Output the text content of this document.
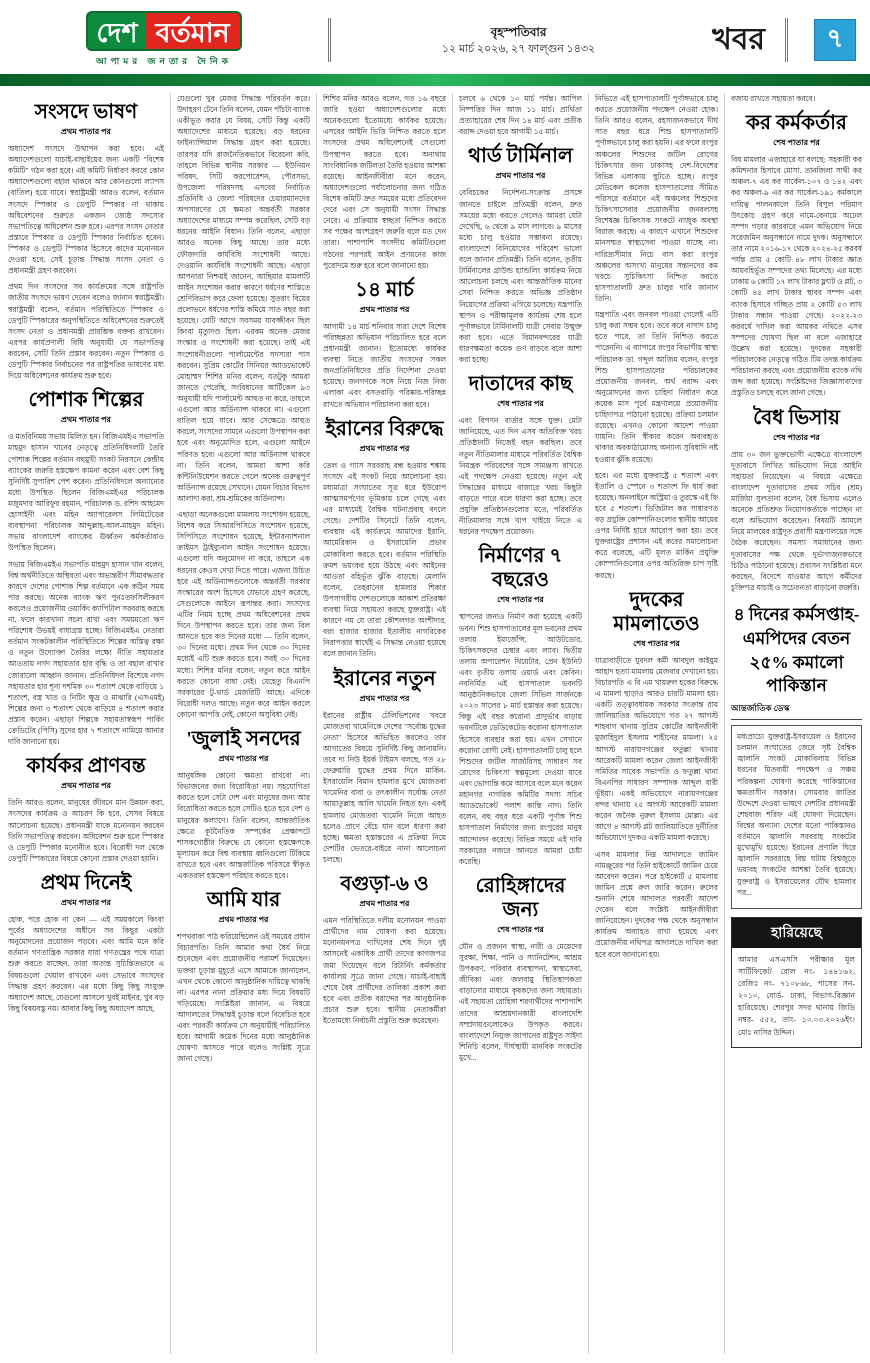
দেশ বর্তমান
আপামর জনতার দৈনিক
বৃহস্পতিবার
১২ মার্চ ২০২৬, ২৭ ফাল্গুন ১৪৩২	খবর	৭
সংসদে ভাষণ
প্রথম পাতার পর

অধ্যাদেশ সংসদে উত্থাপন করা হবে। এই অধ্যাদেশগুলো যাচাই-বাছাইয়ের জন্য একটি "বিশেষ কমিটি" গঠন করা হবে। এই কমিটি নির্ধারণ করবে কোন অধ্যাদেশগুলো বহাল থাকবে আর কোনগুলো ল্যাপস (বাতিল) হয়ে যাবে। স্বরাষ্ট্রমন্ত্রী আরও বলেন, বর্তমান সংসদে স্পিকার ও ডেপুটি স্পিকার না থাকায় অধিবেশনের শুরুতে একজন জ্যেষ্ঠ সদস্যের সভাপতিত্বে অধিবেশন শুরু হবে। এরপর সংসদ নেতার প্রস্তাবে স্পিকার ও ডেপুটি স্পিকার নির্বাচিত হবেন। স্পিকার ও ডেপুটি স্পিকার হিসেবে কাদের মনোনয়ন দেওয়া হবে, সেই চূড়ান্ত সিদ্ধান্ত সংসদ নেতা ও প্রধানমন্ত্রী গ্রহণ করবেন।

প্রথম দিন সংসদের সব কার্যক্রমের সঙ্গে রাষ্ট্রপতি জাতীয় সংসদে ভাষণ দেবেন বলেও জানান স্বরাষ্ট্রমন্ত্রী। স্বরাষ্ট্রমন্ত্রী বলেন, বর্তমান পরিস্থিতিতে স্পিকার ও ডেপুটি স্পিকারের অনুপস্থিতিতে অধিবেশনের শুরুতেই সংসদ নেতা ও প্রধানমন্ত্রী প্রারম্ভিক বক্তব্য রাখবেন। এরপর কার্যপ্রণালী বিধি অনুযায়ী যে সভাপতিত্ব করবেন, সেটি তিনি প্রস্তাব করবেন। নতুন স্পিকার ও ডেপুটি স্পিকার নির্বাচনের পর রাষ্ট্রপতির ভাষণের মধ্য দিয়ে অধিবেশনের কার্যক্রম শুরু হবে।

পোশাক শিল্পের
প্রথম পাতার পর

ও মতবিনিময় সভায় মিলিত হন। বিজিএমইএ সভাপতি মাহমুদ হাসান খানের নেতৃত্বে প্রতিনিধিদলটি তৈরি পোশাক শিল্পের বর্তমান বহুমুখী সংকট নিরসনে কেন্দ্রীয় ব্যাংকের জরুরি হস্তক্ষেপ কামনা করেন এবং বেশ কিছু সুনির্দিষ্ট সুপারিশ পেশ করেন। প্রতিনিধিদলে অন্যান্যের মধ্যে উপস্থিত ছিলেন বিজিএমইএর পরিচালক মজুমদার আরিফুর রহমান, পরিচালক ড. রশিদ আহমেদ হোসাইনী এবং মহিন অ্যাপারেলস লিমিটেডের ব্যবস্থাপনা পরিচালক আব্দুল্লাহ-আল-মাহমুদ মহিন। সভায় বাংলাদেশ ব্যাংকের ঊর্ধ্বতন কর্মকর্তারাও উপস্থিত ছিলেন।

সভায় বিজিএমইএ সভাপতি মাহমুদ হাসান খান বলেন, বিশ্ব অর্থনীতিতে অস্থিরতা এবং অভ্যন্তরীণ সীমাবদ্ধতার কারণে দেশের পোশাক শিল্প বর্তমানে এক কঠিন সময় পার করছে। অনেক ব্যাংক ঋণ পুনঃতফসিলীকরণ করলেও প্রয়োজনীয় ওয়ার্কিং ক্যাপিটাল সরবরাহ করছে না, ফলে কারখানা সচল রাখা এবং সময়মতো ঋণ পরিশোধ উভয়ই বাধাগ্রস্ত হচ্ছে। বিজিএমইএ নেতারা বর্তমান সংকটকালীন পরিস্থিতিতে শিল্পের অস্তিত্ব রক্ষা ও নতুন উদ্যোক্তা তৈরির লক্ষ্যে নীতি সহায়তার আওতায় নগদ সহায়তার হার বৃদ্ধি ও তা বহাল রাখার জোরালো আহ্বান জানান। প্রতিনিধিদল বিশেষে নগদ সহায়তার হার শূন্য দশমিক ৩০ শতাংশ থেকে বাড়িয়ে ১ শতাংশ, বস্ত্র খাত ও নিটিং ক্ষুদ্র ও মাঝারি (এসএমই) শিল্পের জন্য ৩ শতাংশ থেকে বাড়িয়ে ৪ শতাংশ করার প্রস্তাব করেন। এছাড়া শিল্পকে সহায়তাস্বরূপ পার্কিং ক্রেডিটের (পিসি) সুদের হার ৭ শতাংশে নামিয়ে আনার দাবি জানানো হয়।

কার্যকর প্রাণবন্ত
প্রথম পাতার পর

তিনি আরও বলেন, মানুষের জীবনে মান উন্নয়ন করা, সংসদের কার্যক্রম ও আচরণ কি হবে, সেসব বিষয়ে আলোচনা হয়েছে। প্রধানমন্ত্রী যাকে মনোনয়ন করবেন তিনি সভাপতিত্ব করবেন। অধিবেশন শুরু হলে স্পিকার ও ডেপুটি স্পিকার মনোনীত হবে। বিরোধী দল থেকে ডেপুটি স্পিকারের বিষয়ে কোনো প্রস্তাব দেওয়া হয়নি।

প্রথম দিনেই
প্রথম পাতার পর

হোক, পরে হোক না কেন — এই সময়কালে কিংবা পূর্বের অধ্যাদেশের অধীনে সব কিছুর একটা অনুমোদনের প্রয়োজন পড়বে। এবং আমি মনে করি বর্তমান গণতান্ত্রিক সরকার যারা গণতন্ত্রের পথে যাত্রা শুরু করতে যাচ্ছেন, তারা অত্যন্ত সুচিন্তিতভাবে এ বিষয়গুলো খেয়াল রাখবেন এবং সেভাবে সংসদের সিদ্ধান্ত গ্রহণ করবেন। এর মধ্যে কিছু কিছু সংযুক্ত অধ্যাদেশ আছে, যেগুলো আসলে খুবই মাইনর, খুব বড় কিছু বিষয়বস্তু নয়। আবার কিছু কিছু অধ্যাদেশ আছে,

যেগুলো খুব মেজর সিদ্ধান্ত পরিবর্তন করে। উদাহরণ টেনে তিনি বলেন, যেমন পাঁচটা ব্যাংক একীভূত করার যে বিষয়, সেটি কিন্তু একটি অধ্যাদেশের মাধ্যমে হয়েছে। বড় ধরনের ফাইন্যান্সিয়াল সিদ্ধান্ত গ্রহণ করা হয়েছে। তারপর যদি রাজনৈতিকভাবে বিবেচনা করি, তাহলে বিভিন্ন স্থানীয় সরকার — ইউনিয়ন পরিষদ, সিটি করপোরেশন, পৌরসভা, উপজেলা পরিষদসহ এসবের নির্বাচিত প্রতিনিধি ও জেলা পরিষদের চেয়ারম্যানদের অপসারণের যে ক্ষমতা অন্তর্বর্তী সরকার অধ্যাদেশের মাধ্যমে সম্পন্ন করেছিল, সেটি বড় ধরনের আইনি বিধান। তিনি বলেন, এছাড়া আরও অনেক কিছু আছে। তার মধ্যে ফৌজদারি কার্যবিধি সংশোধনী আছে। দেওয়ানি কার্যবিধি সংশোধনী আছে। এছাড়া আপনারা নিশ্চয়ই জানেন, আছিয়ার মামলাটি আইন সংশোধন করার কারণে ধর্ষণের শাস্তিতে শ্রেণিবিভাগ করে ফেলা হয়েছে। সুতরাং বিয়ের প্রলোভনে ধর্ষণের শাস্তি কমিয়ে সাত বছর করা হয়েছে। যেটি আগে সবসময় যাবজ্জীবন ছিল কিংবা মৃত্যুদণ্ড ছিল। এরকম অনেক মেজর সংস্কার ও সংশোধনী করা হয়েছে। তাই এই সংশোধনীগুলো পার্লামেন্টের সদস্যরা পাস করবেন। সুপ্রিম কোর্টের সিনিয়র অ্যাডভোকেট মোহাম্মদ শিশির মনির বলেন, যতটুকু আমরা জানতে পেরেছি, সংবিধানের আর্টিকেল ৯৩ অনুযায়ী যদি পার্লামেন্ট আহুত না করে, তাহলে এগুলো আর অর্ডিন্যান্স থাকবে না। এগুলো বাতিল হয়ে যাবে। আর সেক্ষেত্রে আহুত করলে, সংসদের সামনে এগুলো উপস্থাপন করা হবে এবং অনুমোদিত হলে, এগুলো আইনে পরিণত হবে। এগুলো আর অর্ডিন্যান্স থাকবে না। তিনি বলেন, আমরা আশা করি কন্টিনিউয়েশন করতে গেলে অনেক গুরুত্বপূর্ণ অর্ডিন্যান্স রয়েছে সেখানে। যেমন বিচার বিভাগ আলাদা করা, শ্রম-শ্রমিকের অর্ডিন্যান্স।

এছাড়া অনেকগুলো মামলায় সংশোধন হয়েছে, বিশেষ করে সিআরপিসিতে সংশোধন হয়েছে, সিপিসিতে সংশোধন হয়েছে, ইন্টারন্যাশনাল ক্রাইমস ট্রাইব্যুনাল আইন সংশোধন হয়েছে। এগুলো যদি অনুমোদন না করে, তাহলে এক ধরনের কেওস দেখা দিতে পারে। এজন্য উচিত হবে এই অর্ডিন্যান্সগুলোকে অন্তর্বর্তী সরকার সংস্কারের অংশ হিসেবে যেভাবে গ্রহণ করেছে, সেগুলোকে আইনে রূপান্তর করা। সংসদের এটির নিয়ম হচ্ছে প্রথম অধিবেশনের প্রথম দিনে উপস্থাপন করতে হবে। তার জন্য বিল আনতে হবে কত দিনের মধ্যে — তিনি বলেন, ৩০ দিনের মধ্যে। প্রথম দিন থেকে ৩০ দিনের মধ্যেই এটি শুরু করতে হবে। সবই ৩০ দিনের মধ্যে। শিশির মনির বলেন, নতুন করে আইন করতে কোনো বাধা নেই। যেহেতু বিএনপি সরকারের টু-থার্ড মেজরিটি আছে। এদিকে বিরোধী দলও আছে। নতুন করে আইন করলে কোনো আপত্তি নেই, কোনো অসুবিধা নেই।

'জুলাই সনদের
প্রথম পাতার পর

আনুষঙ্গিক কোনো ক্ষমতা রাখবো না। বিভাজনের জন্য বিরোধিতা নয়। সহযোগিতা করতে হলে সেটা দেশ এবং মানুষের জন্য আর বিরোধিতা করতে হলে সেটিও হতে হবে দেশ ও মানুষের কল্যাণে। তিনি বলেন, আন্তর্জাতিক ক্ষেত্রে কূটনৈতিক সম্পর্কের প্রেক্ষাপটে শাসকগোষ্ঠীর বিরুদ্ধে যে কোনো হস্তক্ষেপকে মূল্যায়ন করে বিশ্ব ব্যবস্থায় ধ্বনিগুলো টিকিয়ে রাখতে হবে এবং আন্তর্জাতিক পরিসরে স্বীকৃত একতরফা হস্তক্ষেপ পরিহার করতে হবে।

আমি যার
প্রথম পাতার পর

শপথবাক্য পাঠ করিয়েছিলেন ওই সময়ের প্রধান বিচারপতি। তিনি আমার কথা ধৈর্য নিয়ে শুনেছেন এবং প্রয়োজনীয় পরামর্শ দিয়েছেন। ভক্তরা চূড়ান্ত মুহূর্তে এসে আমাকে জানালেন, এখন থেকে কোনো আনুষ্ঠানিক দায়িত্বে থাকছি না। এরপর নানা প্রক্রিয়ার মধ্য দিয়ে বিষয়টি গড়িয়েছে। সংশ্লিষ্টরা জানান, এ বিষয়ে আদালতের সিদ্ধান্তই চূড়ান্ত বলে বিবেচিত হবে এবং পরবর্তী কার্যক্রম সে অনুযায়ীই পরিচালিত হবে। আগামী কয়েক দিনের মধ্যে আনুষ্ঠানিক ঘোষণা আসতে পারে বলেও সংশ্লিষ্ট সূত্রে জানা গেছে।

শিশির মনির আরও বলেন, গত ১৬ বছরে জারি হওয়া অধ্যাদেশগুলোর মধ্যে অনেকগুলো ইতোমধ্যে কার্যকর হয়েছে। এসবের আইনি ভিত্তি নিশ্চিত করতে হলে সংসদের প্রথম অধিবেশনেই সেগুলো উপস্থাপন করতে হবে। অন্যথায় সাংবিধানিক জটিলতা তৈরি হওয়ার আশঙ্কা রয়েছে। আইনজীবীরা মনে করেন, অধ্যাদেশগুলো পর্যালোচনার জন্য গঠিত বিশেষ কমিটি দ্রুত সময়ের মধ্যে প্রতিবেদন দেবে এবং সে অনুযায়ী সংসদ সিদ্ধান্ত নেবে। এ প্রক্রিয়ায় স্বচ্ছতা নিশ্চিত করতে সব পক্ষের অংশগ্রহণ জরুরি বলে মত দেন তারা। পাশাপাশি সংসদীয় কমিটিগুলো গঠনের পরপরই আইন প্রণয়নের কাজ পুরোদমে শুরু হবে বলে জানানো হয়।

১৪ মার্চ
প্রথম পাতার পর

আগামী ১৪ মার্চ শনিবার সারা দেশে বিশেষ পরিচ্ছন্নতা অভিযান পরিচালিত হবে বলে প্রধানমন্ত্রী জানান। ইতোমধ্যে কার্যকর ব্যবস্থা নিতে জাতীয় সংসদের সকল জনপ্রতিনিধিদের প্রতি নির্দেশনা দেওয়া হয়েছে। জনগণকে সঙ্গে নিয়ে নিজ নিজ এলাকা এবং বসতবাড়ি পরিষ্কার-পরিচ্ছন্ন রাখতে অভিযান পরিচালনা করা হবে।

ইরানের বিরুদ্ধে
প্রথম পাতার পর

তেল ও গ্যাস সরবরাহ বন্ধ হওয়ার শঙ্কায় সংসদে এই সংকট নিয়ে আলোচনা হয়। মধ্যমাত্রা সংঘাতের সূত্র ধরে ইউরোপ আত্মসমর্পণের ভূমিকায় চলে গেছে এবং এর মাধ্যমেই বৈশ্বিক ঘটনাপ্রবাহ বদলে গেছে। দেশটির সিনেটে তিনি বলেন, ব্যবস্থার এই কার্যক্রমে আমাদের ইরানি, আমেরিকান ও ইসরায়েলি প্রভাব মোকাবিলা করতে হবে। বর্তমান পরিস্থিতি ক্রমশ ভয়ংকর হয়ে উঠছে এবং আইনের আওতা বহির্ভূত ঝুঁকি বাড়ছে। মেলানি বলেন, তেহরানের হামলার শিকার উপসাগরীয় দেশগুলোকে আকাশ প্রতিরক্ষা ব্যবস্থা নিয়ে সহায়তা করছে যুক্তরাষ্ট্র। এই কারণে নয় যে তারা কৌশলগত অংশীদার, বরং হাজার হাজার ইতালীয় নাগরিকের নিরাপত্তার স্বার্থেই এ সিদ্ধান্ত নেওয়া হয়েছে বলে জানান তিনি।

ইরানের নতুন
প্রথম পাতার পর

ইরানের রাষ্ট্রীয় টেলিভিশনের খবরে মোজতবা খামেনিকে দেশের "সর্বোচ্চ যুদ্ধের নেতা" হিসেবে অভিহিত করলেও তার আগাতের বিষয়ে সুনির্দিষ্ট কিছু জানায়নি। তবে দ্য নিউ ইয়র্ক টাইমস বলছে, গত ২৮ ফেব্রুয়ারি যুদ্ধের প্রথম দিনে মার্কিন-ইসরায়েলি বিমান হামলার মুখে মোজতবা খামেনির বাবা ও তৎকালীন সর্বোচ্চ নেতা আয়াতুল্লাহ আলি খামেনি নিহত হন। একই হামলায় মোজতবা খামেনি নিজে আহত হলেও প্রাণে বেঁচে যান বলে ধারণা করা হচ্ছে। ক্ষমতা হস্তান্তরের এ প্রক্রিয়া নিয়ে দেশটির ভেতরে-বাইরে নানা আলোচনা চলছে।

বগুড়া-৬ ও
প্রথম পাতার পর

এমন পরিস্থিতিতে দলীয় মনোনয়ন পাওয়া প্রার্থীদের নাম ঘোষণা করা হয়েছে। মনোনয়নপত্র দাখিলের শেষ দিনে দুই আসনেই একাধিক প্রার্থী তাদের কাগজপত্র জমা দিয়েছেন বলে রিটার্নিং কর্মকর্তার কার্যালয় সূত্রে জানা গেছে। যাচাই-বাছাই শেষে বৈধ প্রার্থীদের তালিকা প্রকাশ করা হবে এবং প্রতীক বরাদ্দের পর আনুষ্ঠানিক প্রচার শুরু হবে। স্থানীয় নেতাকর্মীরা ইতোমধ্যে নির্বাচনী প্রস্তুতি শুরু করেছেন।

চলবে ৬ থেকে ১০ মার্চ পর্যন্ত। আপিল নিষ্পত্তির দিন আজ ১১ মার্চ। প্রার্থিতা প্রত্যাহারের শেষ দিন ১৪ মার্চ এবং প্রতীক বরাদ্দ দেওয়া হবে আগামী ১৫ মার্চ।

থার্ড টার্মিনাল
প্রথম পাতার পর

বেবিচকের নির্দেশনা-সংক্রান্ত প্রসঙ্গে জানতে চাইলে প্রতিমন্ত্রী বলেন, দ্রুত সময়ের মধ্যে করতে গেলেও আমরা যেটা দেখেছি, ৬ থেকে ৯ মাস লাগবে। ৯ মাসের মধ্যে চালু হওয়ার সম্ভাবনা রয়েছে। বাংলাদেশে বিনিয়োগের পরিবেশ ভালো বলে জানান প্রতিমন্ত্রী। তিনি বলেন, তৃতীয় টার্মিনালের গ্রাউন্ড হ্যান্ডলিং কার্যক্রম নিয়ে আলোচনা চলছে এবং আন্তর্জাতিক মানের সেবা নিশ্চিত করতে অভিজ্ঞ প্রতিষ্ঠান নিয়োগের প্রক্রিয়া এগিয়ে চলেছে। যন্ত্রপাতি স্থাপন ও পরীক্ষামূলক কার্যক্রম শেষ হলে পূর্ণাঙ্গভাবে টার্মিনালটি যাত্রী সেবায় উন্মুক্ত করা হবে। এতে বিমানবন্দরের যাত্রী ধারণক্ষমতা কয়েক গুণ বাড়বে বলে আশা করা হচ্ছে।

দাতাদের কাছ
শেষ পাতার পর

এবং বিপণন বার্তার সঙ্গে যুক্ত। মেটা জানিয়েছে, এত দিন এসব অতিরিক্ত খরচ প্রতিষ্ঠানটি নিজেই বহন করছিল। তবে নতুন নীতিমালার মাধ্যমে পরিবর্তিত বৈশ্বিক নিয়ন্ত্রক পরিবেশের সঙ্গে সামঞ্জস্য রাখতে এই পদক্ষেপ নেওয়া হয়েছে। নতুন এই সিদ্ধান্তের মাধ্যমে বাজারে খরচ কিছুটা বাড়তে পারে বলে ধারণা করা হচ্ছে। তবে প্রযুক্তি প্রতিষ্ঠানগুলোর মতে, পরিবর্তিত নীতিমালার সঙ্গে খাপ খাইয়ে নিতে এ ধরনের পদক্ষেপ প্রয়োজন।

নির্মাণের ৭ বছরেও
শেষ পাতার পর

স্থাপনের জন্যও নির্মাণ করা হয়েছে একটি ভবন। শিশু হাসপাতালের মূল ভবনের প্রথম তলায় ইমার্জেন্সি, আউটডোর, চিকিৎসকদের চেম্বার এবং ল্যাব। দ্বিতীয় তলায় অপারেশন থিয়েটার, প্রেন ইউনিট এবং তৃতীয় তলায় ওয়ার্ড এবং কেবিন। নবনির্মিত এই হাসপাতাল ভবনটি আনুষ্ঠানিকভাবে জেলা সিভিল সার্জনকে ২০২৩ সালের ৮ মার্চ হস্তান্তর করা হয়েছে। কিন্তু এই বছর করোনা প্রাদুর্ভাব বাড়ায় ভবনটিকে ডেডিকেটেড করোনা হাসপাতাল হিসেবে ব্যবহার করা হয়। এখন সেখানে করোনা রোগী নেই। হাসপাতালটি চালু হলে শিশুদের জটিল সার্জারিসহ সাধারণ সব রোগের চিকিৎসা স্বল্পমূল্যে দেওয়া যাবে এবং ভোগান্তি কমে আসবে বলে মনে করেন মহানগর নাগরিক কমিটির সদস্য সচিব অ্যাডভোকেট পলাশ কান্তি নাগ। তিনি বলেন, বহু বছর ধরে একটি পূর্ণাঙ্গ শিশু হাসপাতাল নির্মাণের জন্য রংপুরের মানুষ আন্দোলন করেছে। বিভিন্ন সময়ে এই দাবি সরকারের নজরে আনতে আমরা চেষ্টা করেছি।

রোহিঙ্গাদের জন্য
শেষ পাতার পর

যৌন ও প্রজনন স্বাস্থ্য, নারী ও মেয়েদের সুরক্ষা, শিক্ষা, পানি ও স্যানিটেশন, আশ্রয় উপকরণ, পরিবার ব্যবস্থাপনা, স্বাস্থ্যসেবা, জীবিকা এবং জলবায়ু স্থিতিস্থাপকতা বাড়ানোর মাধ্যমে কৃষকদের জন্য সহায়তা। এই সহায়তা রোহিঙ্গা শরণার্থীদের পাশাপাশি তাদের আশ্রয়দানকারী বাংলাদেশি সম্প্রদায়গুলোকেও উপকৃত করবে। বাংলাদেশে নিযুক্ত জাপানের রাষ্ট্রদূত সাইদা শিনিচি বলেন, দীর্ঘস্থায়ী মানবিক সংকটের মুখে...

নিভিতে এই হাসপাতালটি পূর্ণাঙ্গভাবে চালু করতে প্রয়োজনীয় পদক্ষেপ নেওয়া হোক। তিনি আরও বলেন, রহস্যজনকভাবে দীর্ঘ সাত বছর ধরে শিশু হাসপাতালটি পূর্ণাঙ্গভাবে চালু করা হয়নি। এর ফলে রংপুর অঞ্চলের শিশুদের জটিল রোগের চিকিৎসার জন্য ঢাকাসহ দেশ-বিদেশের বিভিন্ন এলাকায় ছুটতে হচ্ছে। রংপুর মেডিকেল কলেজ হাসপাতালের সীমিত পরিসরে বর্তমানে এই অঞ্চলের শিশুদের চিকিৎসাসেবার প্রয়োজনীয় জনবলসহ বিশেষজ্ঞ চিকিৎসক সংকটে নাজুক অবস্থা বিরাজ করছে। এ কারণে এখানে শিশুদের মানসম্মত স্বাস্থ্যসেবা পাওয়া যাচ্ছে না। দারিদ্র্যসীমার নিচে বাস করা রংপুর অঞ্চলের অসংখ্য মানুষের সন্তানদের কম খরচে সুচিকিৎসা নিশ্চিত করতে হাসপাতালটি দ্রুত চালুর দাবি জানান তিনি।

যন্ত্রপাতি এবং জনবল পাওয়া গেলেই এটি চালু করা সম্ভব হবে। তবে কবে নাগাদ চালু হতে পারে, তা তিনি নিশ্চিত করতে পারেননি। এ ব্যাপারে রংপুর বিভাগীয় স্বাস্থ্য পরিচালক ডা. গব্দুল আজিম বলেন, রংপুর শিশু হাসপাতালের পরিচালকের প্রয়োজনীয় জনবল, অর্থ বরাদ্দ এবং অনুমোদনের জন্য চাহিদা নির্ধারণ করে কয়েক মাস পূর্বে মন্ত্রণালয়ে প্রয়োজনীয় চাহিদাপত্র পাঠানো হয়েছে। প্রক্রিয়া চলমান রয়েছে। এখনও কোনো আদেশ পাওয়া যায়নি। তিনি স্বীকার করেন অব্যবহৃত থাকার অবকাঠামোসহ অন্যান্য সুবিধাদি নষ্ট হওয়ার ঝুঁকি রয়েছে।

হবে। এর মধ্যে যুক্তরাষ্ট্রে ৫ শতাংশ এবং ইতালি ও স্পেনে ৩ শতাংশ ফি ধার্য করা হয়েছে। অনলাইনে অস্ট্রিয়া ও তুরস্কে এই ফি হবে ৫ শতাংশ। ডিজিটাল কর সাধারণত বড় প্রযুক্তি কোম্পানিগুলোর স্থানীয় আয়ের ওপর নির্দিষ্ট হারে আরোপ করা হয়। তবে যুক্তরাষ্ট্রের প্রশাসন এই করের সমালোচনা করে বলেছে, এটি মূলত মার্কিন প্রযুক্তি কোম্পানিগুলোর ওপর অতিরিক্ত চাপ সৃষ্টি করছে।

দুদকের মামলাতেও
শেষ পাতার পর

যাত্রাবাড়ীতে যুবদল কর্মী আবদুল কাইয়ুম আহাদ হত্যা মামলায় মেজবার দেখানো হয়। বিচারপতি এ বি এম খায়রুল হকের বিরুদ্ধে এ মামলা ছাড়াও আরও চারটি মামলা হয়। একটি তত্ত্বাবধায়ক সরকার সংক্রান্ত রায় জালিয়াতির অভিযোগে গত ২৭ আগস্ট শাহবাগ থানায় সুপ্রিম কোর্টের আইনজীবী মুজাহিদুল ইসলাম শাহীনের মামলা। ২৫ আগস্ট নারায়ণগঞ্জের ফতুল্লা থানায় আরেকটি মামলা করেন জেলা আইনজীবী সমিতির সাবেক সভাপতি ও ফতুল্লা থানা বিএনপির সাধারণ সম্পাদক আব্দুল বারী ভূঁইয়া। একই অভিযোগে নারায়ণগঞ্জের বন্দর থানায় ২৫ আগস্ট আরেকটি মামলা করেন জনৈক নুরুল ইসলাম মোল্লা। এর আগে ৪ আগস্ট প্লট জালিয়াতিতে দুর্নীতির অভিযোগে দুদকও একটি মামলা করেছে।

এসব মামলার নিম্ন আদালতে জামিন নামঞ্জুরের পর তিনি হাইকোর্টে জামিন চেয়ে আবেদন করেন। পরে হাইকোর্ট ৫ মামলায় জামিন প্রশ্নে রুল জারি করেন। রুলের শুনানি শেষে আদালত পরবর্তী আদেশ দেবেন বলে সংশ্লিষ্ট আইনজীবীরা জানিয়েছেন। দুদকের পক্ষ থেকে অনুসন্ধান কার্যক্রম অব্যাহত রাখা হয়েছে এবং প্রয়োজনীয় নথিপত্র আদালতে দাখিল করা হবে বলে জানানো হয়।

বজায় রাখতে সহায়তা করবে।

কর কর্মকর্তার
শেষ পাতার পর

বিষ মামলার এজাহারে যা বলছে: সহকারী কর কমিশনার হিসাবে মোসা. তানজিলা সাথী কর অঞ্চল-৭ এর কর সার্কেল-১০৭ ও ১৪২ এবং কর অঞ্চল-৯ এর কর সার্কেল-১৯১ কর্মকালে দায়িত্ব পালনকালে তিনি বিপুল পরিমাণ উৎকোচ গ্রহণ করে নামে-বেনামে অঢেল সম্পদ গড়ার কারবারে এমন অভিযোগ নিয়ে সরেজমিন অনুসন্ধানে নামে দুদক। অনুসন্ধানে তার নামে ২০১৬-১৭ থেকে ২০২৪-২৫ করবর্ষ পর্যন্ত প্রায় ৫ কোটি ৪৮ লাখ টাকার জ্ঞাত আয়বহির্ভূত সম্পদের তথ্য মিলেছে। এর মধ্যে ঢাকায় ৬ কোটি ১৭ লাখ টাকার ফ্ল্যাট ও প্লট, ৩ কোটি ৪৫ লাখ টাকার স্থাবর সম্পদ এবং ব্যাংক হিসাবে গচ্ছিত প্রায় ২ কোটি ৫৩ লাখ টাকার সন্ধান পাওয়া গেছে। ২০২২-২৩ করবর্ষে দাখিল করা আয়কর নথিতে এসব সম্পদের ঘোষণা ছিল না বলে এজাহারে উল্লেখ করা হয়েছে। দুদকের সহকারী পরিচালকের নেতৃত্বে গঠিত টিম তদন্ত কার্যক্রম পরিচালনা করছে এবং প্রয়োজনীয় ব্যাংক নথি জব্দ করা হয়েছে। সংশ্লিষ্টদের জিজ্ঞাসাবাদের প্রস্তুতিও চলছে বলে জানা গেছে।

বৈধ ভিসায়
শেষ পাতার পর

প্রায় ৩০ জন ভুক্তভোগী এক্ষেত্রে বাংলাদেশ দূতাবাসে লিখিত অভিযোগ নিয়ে আইনি সহায়তা নিয়েছেন। এ বিষয়ে এক্ষেত্রে বাংলাদেশ দূতাবাসের প্রথম সচিব (শ্রম) মার্জিয়া সুলতানা বলেন, বৈধ ভিসায় এলেও অনেকে প্রতিশ্রুত নিয়োগকর্তাকে পাচ্ছেন না বলে অভিযোগ করেছেন। বিষয়টি আমলে নিয়ে মালয়ের রাষ্ট্রদূত প্রবাসী মন্ত্রণালয়ের সঙ্গে বৈঠক করেছেন। সমস্যা সমাধানের জন্য দূতাবাসের পক্ষ থেকে দুর্ভাগ্যজনকভাবে চিঠিও পাঠানো হয়েছে। প্রবাসন সংশ্লিষ্টরা মনে করছেন, বিদেশে যাওয়ার আগে কর্মীদের চুক্তিপত্র যাচাই ও সচেতনতা বাড়ানো জরুরি।

৪ দিনের কর্মসপ্তাহ- এমপিদের বেতন ২৫% কমালো পাকিস্তান
আন্তর্জাতিক ডেস্ক

মধ্যপ্রাচ্যে যুক্তরাষ্ট্র-ইসরায়েল ও ইরানের চলমান সংঘাতের জেরে সৃষ্ট বৈশ্বিক জ্বালানি সংকট মোকাবিলায় বিভিন্ন ধরনের মিতব্যয়ী পদক্ষেপ ও সঞ্চয় পরিকল্পনা ঘোষণা করেছে পাকিস্তানের ক্ষমতাসীন সরকার। সোমবার জাতির উদ্দেশে দেওয়া ভাষণে দেশটির প্রধানমন্ত্রী শেহবাজ শরিফ এই ঘোষণা দিয়েছেন। বিশ্বের অন্যান্য দেশের মতো পাকিস্তানও বর্তমানে জ্বালানি সরবরাহ সংকটের মুখোমুখি হয়েছে। ইরানের প্রণালি ঘিরে জ্বালানি সরবরাহে বিঘ্ন ঘটায় বিশ্বজুড়ে ভয়াবহ সংকটের আশঙ্কা তৈরি হয়েছে। যুক্তরাষ্ট্র ও ইসরায়েলের যৌথ হামলার পর...

হারিয়েছে
আমার এসএসসি পরীক্ষার মূল সার্টিফিকেট রোল নং- ১৪৪১৬২, রেজিঃ নং- ৭১০৮৬৮, পাসের সন- ২০১০, বোর্ড- ঢাকা, বিভাগ-বিজ্ঞান হারিয়েছে। শেরপুর সদর থানায় জিডি নম্বর- ৫৫২, তাং- ১০.০৩.২০২৬ইং। মোঃ নাসির উদ্দিন।
